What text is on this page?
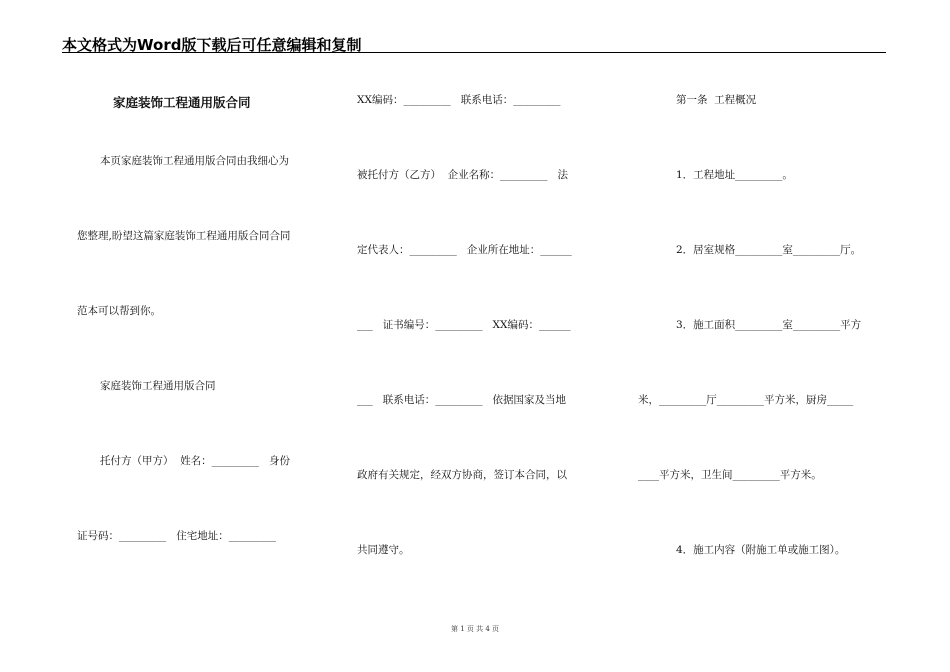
本文格式为Word版下载后可任意编辑和复制
家庭装饰工程通用版合同
本页家庭装饰工程通用版合同由我细心为
您整理,盼望这篇家庭装饰工程通用版合同合同
范本可以帮到你。
家庭装饰工程通用版合同
托付方（甲方）  姓名：_________   身份
证号码：_________   住宅地址：_________
XX编码：_________   联系电话：_________
被托付方（乙方）  企业名称：_________   法
定代表人：_________   企业所在地址：______
___   证书编号：_________   XX编码：______
___   联系电话：_________   依据国家及当地
政府有关规定，经双方协商，签订本合同，以
共同遵守。
第一条  工程概况
1．工程地址_________。
2．居室规格_________室_________厅。
3．施工面积_________室_________平方
米，_________厅_________平方米，厨房_____
____平方米，卫生间_________平方米。
4．施工内容（附施工单或施工图）。
第 1 页 共 4 页
